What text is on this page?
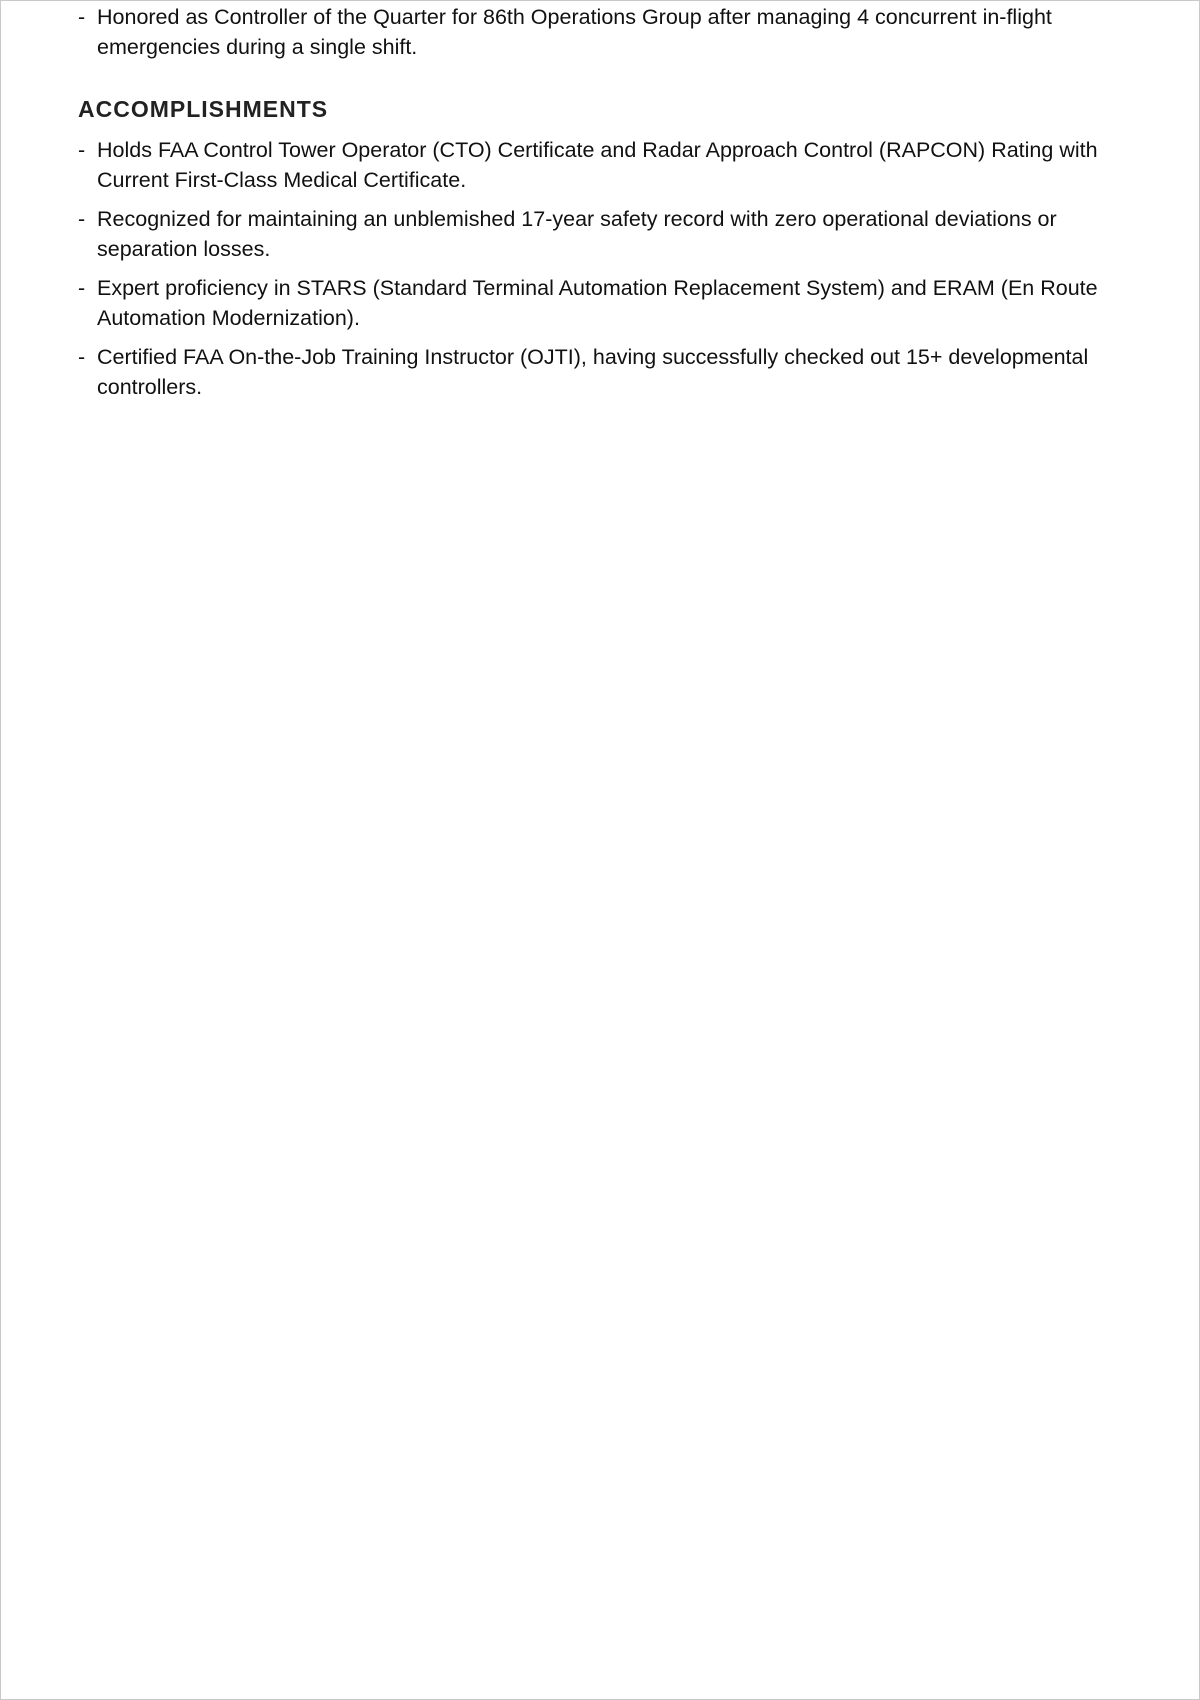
- Honored as Controller of the Quarter for 86th Operations Group after managing 4 concurrent in-flight emergencies during a single shift.
ACCOMPLISHMENTS
- Holds FAA Control Tower Operator (CTO) Certificate and Radar Approach Control (RAPCON) Rating with Current First-Class Medical Certificate.
- Recognized for maintaining an unblemished 17-year safety record with zero operational deviations or separation losses.
- Expert proficiency in STARS (Standard Terminal Automation Replacement System) and ERAM (En Route Automation Modernization).
- Certified FAA On-the-Job Training Instructor (OJTI), having successfully checked out 15+ developmental controllers.
